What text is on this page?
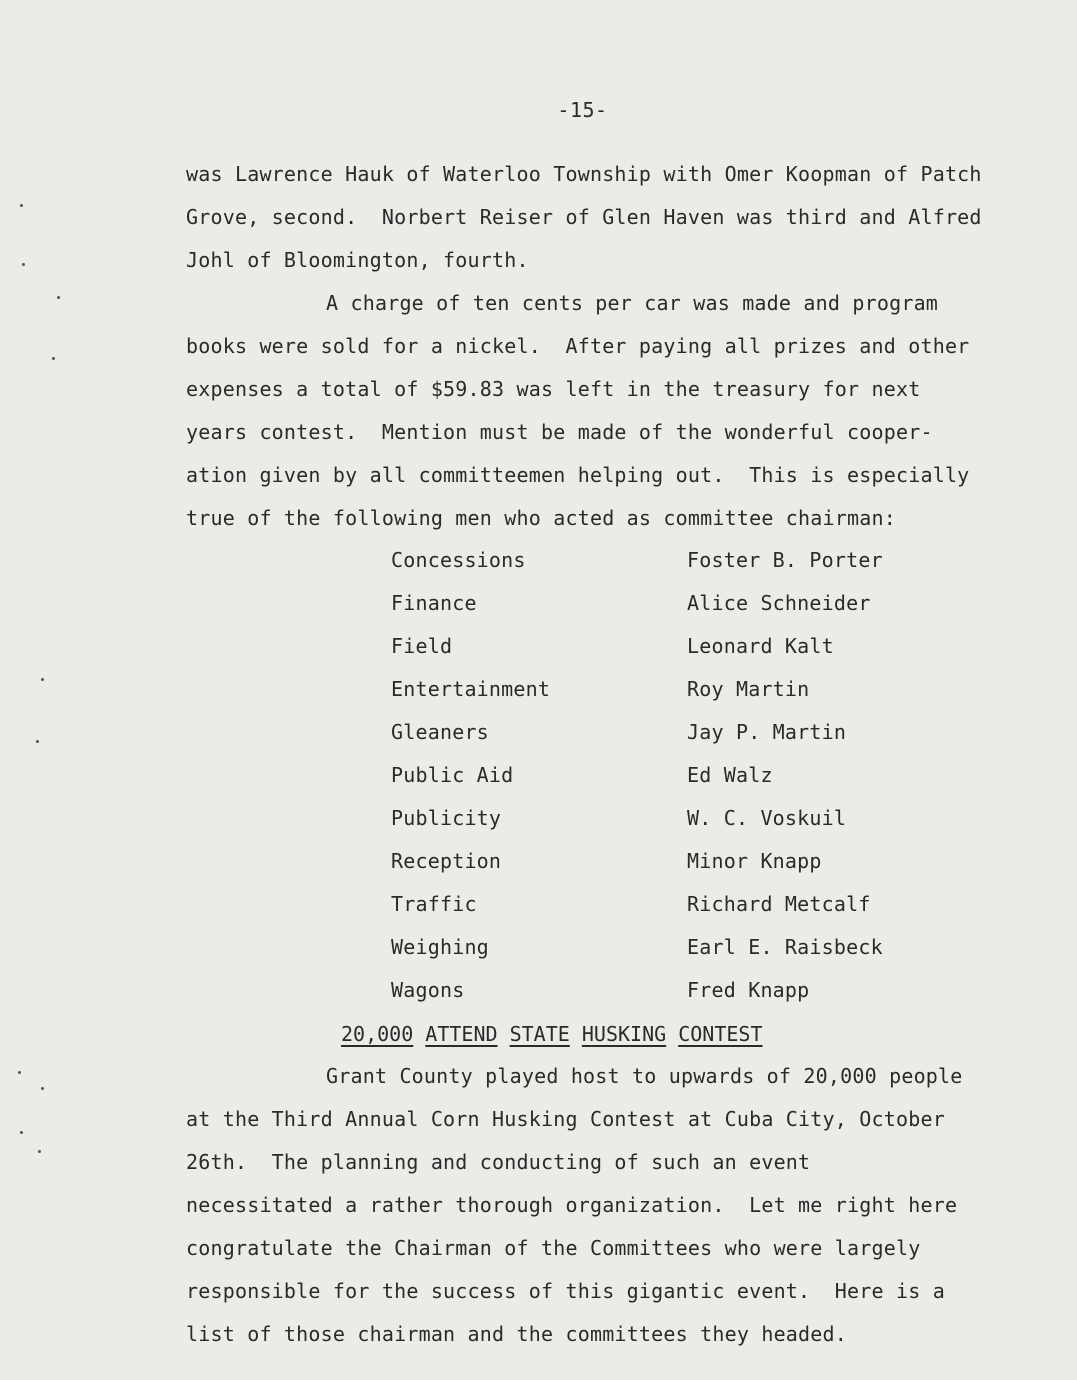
-15-
was Lawrence Hauk of Waterloo Township with Omer Koopman of Patch
Grove, second.  Norbert Reiser of Glen Haven was third and Alfred
Johl of Bloomington, fourth.
A charge of ten cents per car was made and program
books were sold for a nickel.  After paying all prizes and other
expenses a total of $59.83 was left in the treasury for next
years contest.  Mention must be made of the wonderful cooper-
ation given by all committeemen helping out.  This is especially
true of the following men who acted as committee chairman:
Concessions	Foster B. Porter
Finance	Alice Schneider
Field	Leonard Kalt
Entertainment	Roy Martin
Gleaners	Jay P. Martin
Public Aid	Ed Walz
Publicity	W. C. Voskuil
Reception	Minor Knapp
Traffic	Richard Metcalf
Weighing	Earl E. Raisbeck
Wagons	Fred Knapp
20,000 ATTEND STATE HUSKING CONTEST
Grant County played host to upwards of 20,000 people
at the Third Annual Corn Husking Contest at Cuba City, October
26th.  The planning and conducting of such an event
necessitated a rather thorough organization.  Let me right here
congratulate the Chairman of the Committees who were largely
responsible for the success of this gigantic event.  Here is a
list of those chairman and the committees they headed.
